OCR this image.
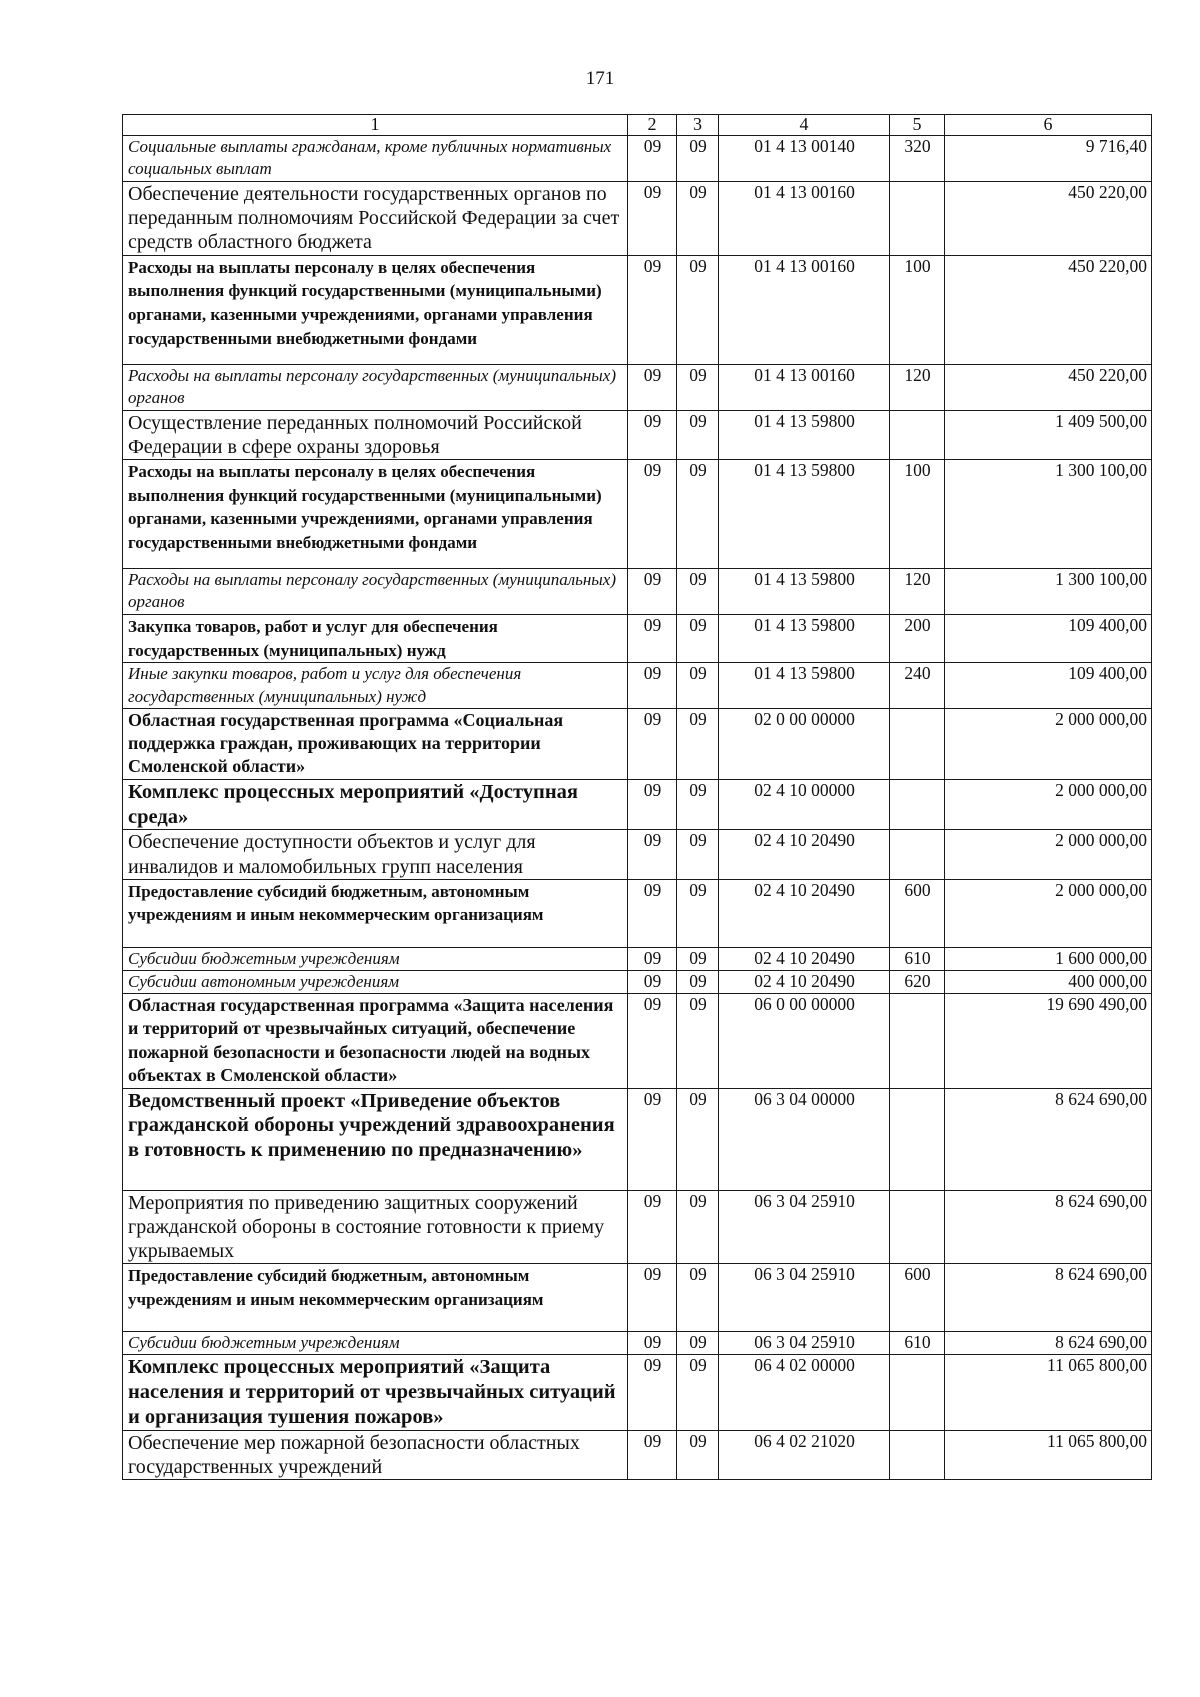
171
1	2	3	4	5	6
Социальные выплаты гражданам, кроме публичных нормативных социальных выплат	09	09	01 4 13 00140	320	9 716,40
Обеспечение деятельности государственных органов по переданным полномочиям Российской Федерации за счет средств областного бюджета	09	09	01 4 13 00160		450 220,00
Расходы на выплаты персоналу в целях обеспечения выполнения функций государственными (муниципальными) органами, казенными учреждениями, органами управления государственными внебюджетными фондами	09	09	01 4 13 00160	100	450 220,00
Расходы на выплаты персоналу государственных (муниципальных) органов	09	09	01 4 13 00160	120	450 220,00
Осуществление переданных полномочий Российской Федерации в сфере охраны здоровья	09	09	01 4 13 59800		1 409 500,00
Расходы на выплаты персоналу в целях обеспечения выполнения функций государственными (муниципальными) органами, казенными учреждениями, органами управления государственными внебюджетными фондами	09	09	01 4 13 59800	100	1 300 100,00
Расходы на выплаты персоналу государственных (муниципальных) органов	09	09	01 4 13 59800	120	1 300 100,00
Закупка товаров, работ и услуг для обеспечения государственных (муниципальных) нужд	09	09	01 4 13 59800	200	109 400,00
Иные закупки товаров, работ и услуг для обеспечения государственных (муниципальных) нужд	09	09	01 4 13 59800	240	109 400,00
Областная государственная программа «Социальная поддержка граждан, проживающих на территории Смоленской области»	09	09	02 0 00 00000		2 000 000,00
Комплекс процессных мероприятий «Доступная среда»	09	09	02 4 10 00000		2 000 000,00
Обеспечение доступности объектов и услуг для инвалидов и маломобильных групп населения	09	09	02 4 10 20490		2 000 000,00
Предоставление субсидий бюджетным, автономным учреждениям и иным некоммерческим организациям	09	09	02 4 10 20490	600	2 000 000,00
Субсидии бюджетным учреждениям	09	09	02 4 10 20490	610	1 600 000,00
Субсидии автономным учреждениям	09	09	02 4 10 20490	620	400 000,00
Областная государственная программа «Защита населения и территорий от чрезвычайных ситуаций, обеспечение пожарной безопасности и безопасности людей на водных объектах в Смоленской области»	09	09	06 0 00 00000		19 690 490,00
Ведомственный проект «Приведение объектов гражданской обороны учреждений здравоохранения в готовность к применению по предназначению»	09	09	06 3 04 00000		8 624 690,00
Мероприятия по приведению защитных сооружений гражданской обороны в состояние готовности к приему укрываемых	09	09	06 3 04 25910		8 624 690,00
Предоставление субсидий бюджетным, автономным учреждениям и иным некоммерческим организациям	09	09	06 3 04 25910	600	8 624 690,00
Субсидии бюджетным учреждениям	09	09	06 3 04 25910	610	8 624 690,00
Комплекс процессных мероприятий «Защита населения и территорий от чрезвычайных ситуаций и организация тушения пожаров»	09	09	06 4 02 00000		11 065 800,00
Обеспечение мер пожарной безопасности областных государственных учреждений	09	09	06 4 02 21020		11 065 800,00
